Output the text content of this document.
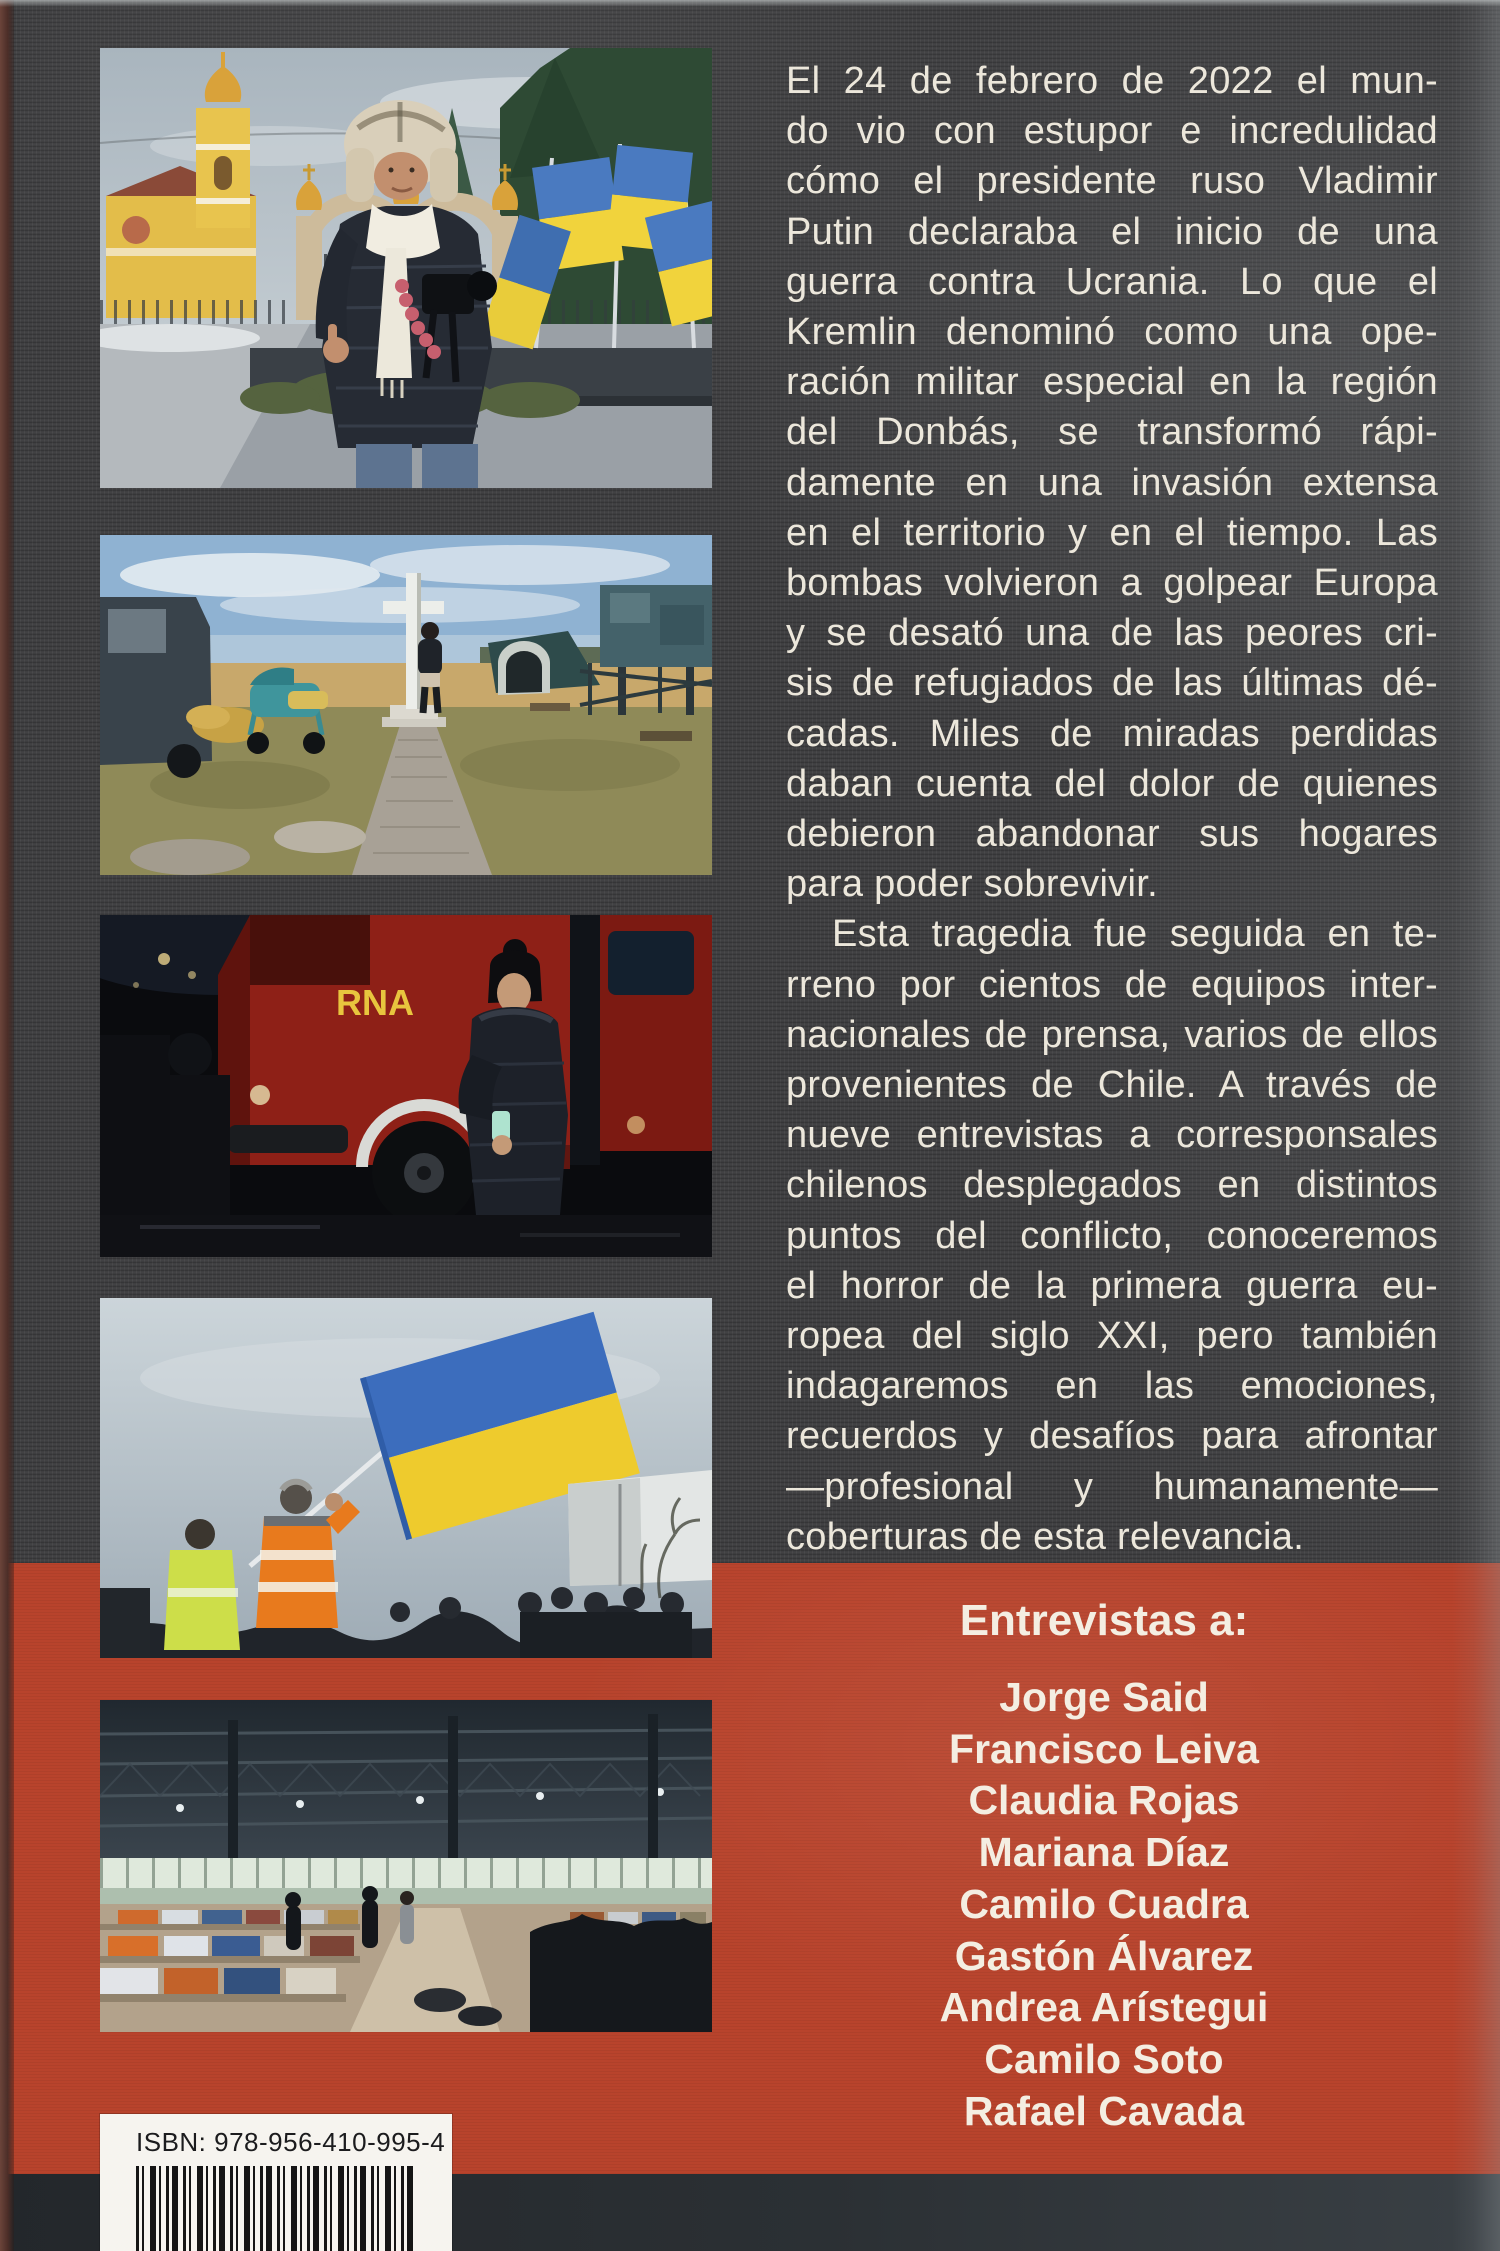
RNA
El 24 de febrero de 2022 el mun-
do vio con estupor e incredulidad
cómo el presidente ruso Vladimir
Putin declaraba el inicio de una
guerra contra Ucrania. Lo que el
Kremlin denominó como una ope-
ración militar especial en la región
del Donbás, se transformó rápi-
damente en una invasión extensa
en el territorio y en el tiempo. Las
bombas volvieron a golpear Europa
y se desató una de las peores cri-
sis de refugiados de las últimas dé-
cadas. Miles de miradas perdidas
daban cuenta del dolor de quienes
debieron abandonar sus hogares
para poder sobrevivir.
Esta tragedia fue seguida en te-
rreno por cientos de equipos inter-
nacionales de prensa, varios de ellos
provenientes de Chile. A través de
nueve entrevistas a corresponsales
chilenos desplegados en distintos
puntos del conflicto, conoceremos
el horror de la primera guerra eu-
ropea del siglo XXI, pero también
indagaremos en las emociones,
recuerdos y desafíos para afrontar
—profesional y humanamente—
coberturas de esta relevancia.
Entrevistas a:
Jorge Said
Francisco Leiva
Claudia Rojas
Mariana Díaz
Camilo Cuadra
Gastón Álvarez
Andrea Arístegui
Camilo Soto
Rafael Cavada
ISBN: 978-956-410-995-4
